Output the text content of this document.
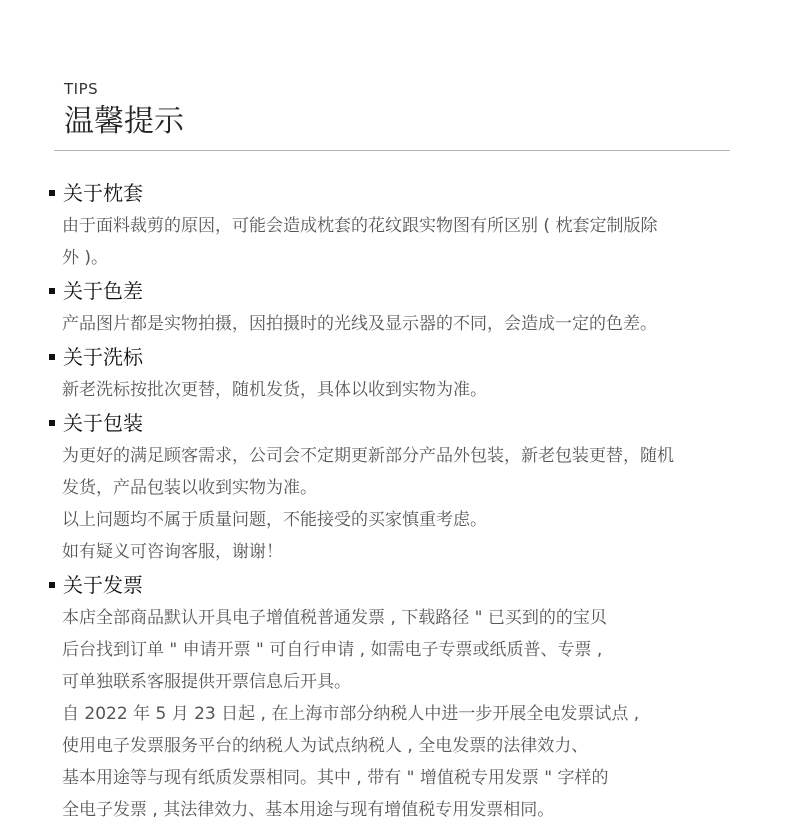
TIPS
温馨提示
关于枕套
由于面料裁剪的原因，可能会造成枕套的花纹跟实物图有所区别 ( 枕套定制版除
外 )。
关于色差
产品图片都是实物拍摄，因拍摄时的光线及显示器的不同，会造成一定的色差。
关于洗标
新老洗标按批次更替，随机发货，具体以收到实物为准。
关于包装
为更好的满足顾客需求，公司会不定期更新部分产品外包装，新老包装更替，随机
发货，产品包装以收到实物为准。
以上问题均不属于质量问题，不能接受的买家慎重考虑。
如有疑义可咨询客服，谢谢！
关于发票
本店全部商品默认开具电子增值税普通发票 , 下载路径 " 已买到的的宝贝
后台找到订单 " 申请开票 " 可自行申请 , 如需电子专票或纸质普、专票 ,
可单独联系客服提供开票信息后开具。
自 2022 年 5 月 23 日起 , 在上海市部分纳税人中进一步开展全电发票试点 ,
使用电子发票服务平台的纳税人为试点纳税人 , 全电发票的法律效力、
基本用途等与现有纸质发票相同。其中 , 带有 " 增值税专用发票 " 字样的
全电子发票 , 其法律效力、基本用途与现有增值税专用发票相同。
